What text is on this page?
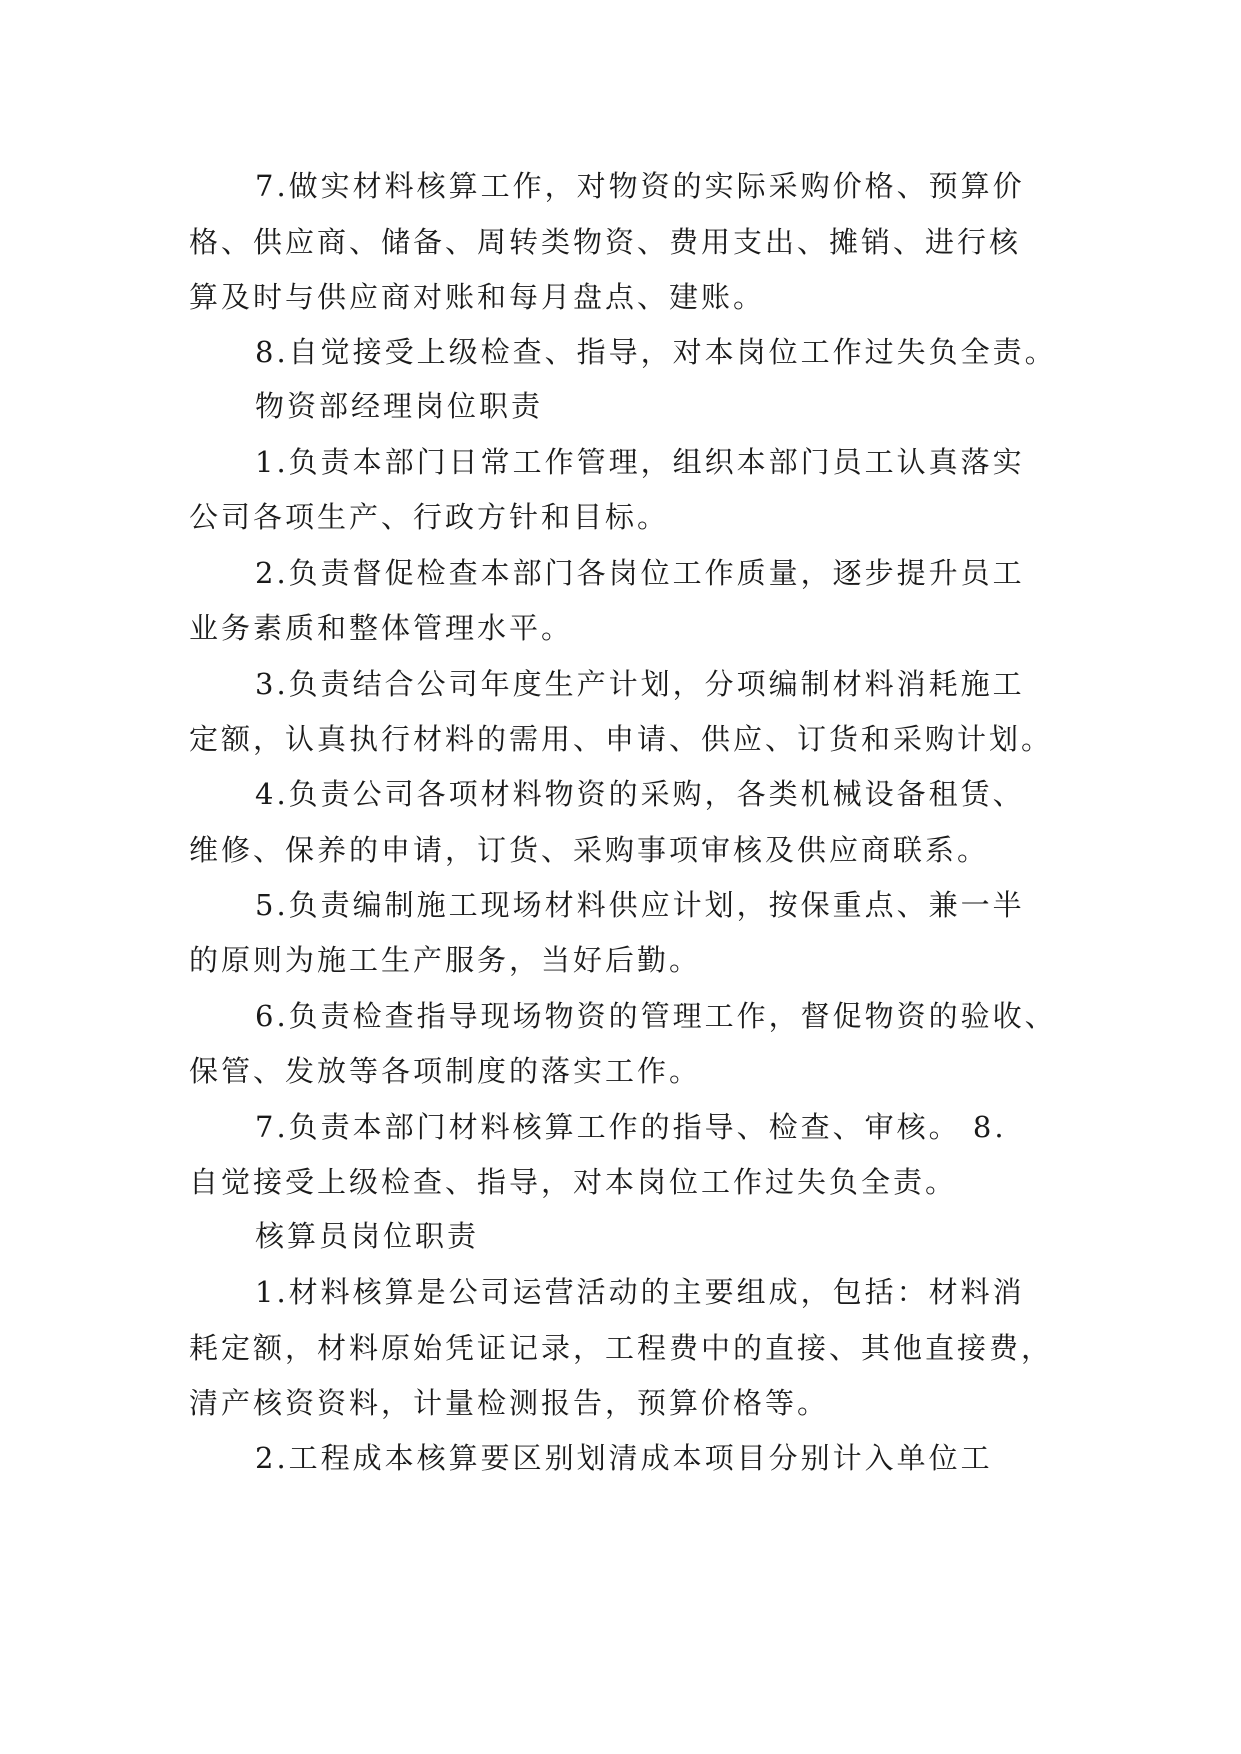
7.做实材料核算工作，对物资的实际采购价格、预算价
格、供应商、储备、周转类物资、费用支出、摊销、进行核
算及时与供应商对账和每月盘点、建账。
8.自觉接受上级检查、指导，对本岗位工作过失负全责。
物资部经理岗位职责
1.负责本部门日常工作管理，组织本部门员工认真落实
公司各项生产、行政方针和目标。
2.负责督促检查本部门各岗位工作质量，逐步提升员工
业务素质和整体管理水平。
3.负责结合公司年度生产计划，分项编制材料消耗施工
定额，认真执行材料的需用、申请、供应、订货和采购计划。
4.负责公司各项材料物资的采购，各类机械设备租赁、
维修、保养的申请，订货、采购事项审核及供应商联系。
5.负责编制施工现场材料供应计划，按保重点、兼一半
的原则为施工生产服务，当好后勤。
6.负责检查指导现场物资的管理工作，督促物资的验收、
保管、发放等各项制度的落实工作。
7.负责本部门材料核算工作的指导、检查、审核。 8.
自觉接受上级检查、指导，对本岗位工作过失负全责。
核算员岗位职责
1.材料核算是公司运营活动的主要组成，包括：材料消
耗定额，材料原始凭证记录，工程费中的直接、其他直接费，
清产核资资料，计量检测报告，预算价格等。
2.工程成本核算要区别划清成本项目分别计入单位工
